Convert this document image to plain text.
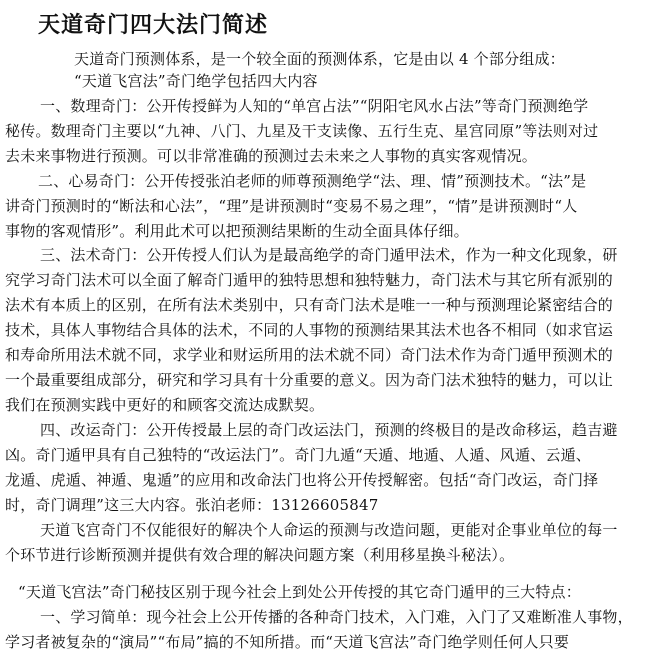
天道奇门四大法门简述
天道奇门预测体系，是一个较全面的预测体系，它是由以 4 个部分组成：
“天道飞宫法”奇门绝学包括四大内容
一、数理奇门：公开传授鲜为人知的“单宫占法”“阴阳宅风水占法”等奇门预测绝学
秘传。数理奇门主要以“九神、八门、九星及干支读像、五行生克、星宫同原”等法则对过
去未来事物进行预测。可以非常准确的预测过去未来之人事物的真实客观情况。
二、心易奇门：公开传授张泊老师的师尊预测绝学“法、理、情”预测技术。“法”是
讲奇门预测时的“断法和心法”，“理”是讲预测时“变易不易之理”，“情”是讲预测时“人
事物的客观情形”。利用此术可以把预测结果断的生动全面具体仔细。
三、法术奇门：公开传授人们认为是最高绝学的奇门遁甲法术，作为一种文化现象，研
究学习奇门法术可以全面了解奇门遁甲的独特思想和独特魅力，奇门法术与其它所有派别的
法术有本质上的区别，在所有法术类别中，只有奇门法术是唯一一种与预测理论紧密结合的
技术，具体人事物结合具体的法术，不同的人事物的预测结果其法术也各不相同（如求官运
和寿命所用法术就不同，求学业和财运所用的法术就不同）奇门法术作为奇门遁甲预测术的
一个最重要组成部分，研究和学习具有十分重要的意义。因为奇门法术独特的魅力，可以让
我们在预测实践中更好的和顾客交流达成默契。
四、改运奇门：公开传授最上层的奇门改运法门，预测的终极目的是改命移运，趋吉避
凶。奇门遁甲具有自己独特的“改运法门”。奇门九遁“天遁、地遁、人遁、风遁、云遁、
龙遁、虎遁、神遁、鬼遁”的应用和改命法门也将公开传授解密。包括“奇门改运，奇门择
时，奇门调理”这三大内容。张泊老师：13126605847
天道飞宫奇门不仅能很好的解决个人命运的预测与改造问题，更能对企事业单位的每一
个环节进行诊断预测并提供有效合理的解决问题方案（利用移星换斗秘法）。
“天道飞宫法”奇门秘技区别于现今社会上到处公开传授的其它奇门遁甲的三大特点：
一、学习简单：现今社会上公开传播的各种奇门技术，入门难，入门了又难断准人事物，
学习者被复杂的“演局”“布局”搞的不知所措。而“天道飞宫法”奇门绝学则任何人只要
